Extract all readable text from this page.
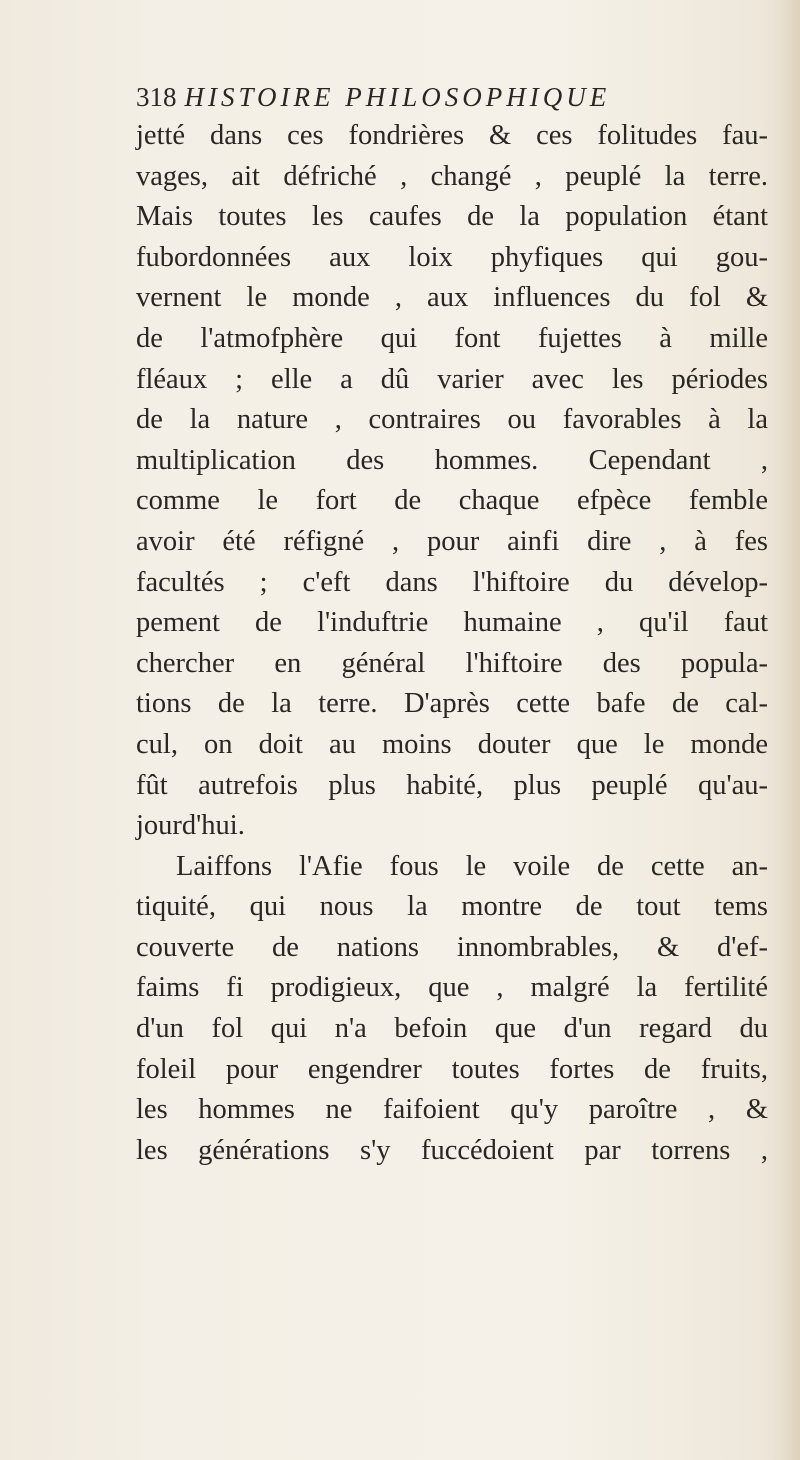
318 HISTOIRE PHILOSOPHIQUE
jetté dans ces fondrières & ces folitudes fau-
vages, ait défriché , changé , peuplé la terre.
Mais toutes les caufes de la population étant
fubordonnées aux loix phyfiques qui gou-
vernent le monde , aux influences du fol &
de l'atmofphère qui font fujettes à mille
fléaux ; elle a dû varier avec les périodes
de la nature , contraires ou favorables à la
multiplication des hommes. Cependant ,
comme le fort de chaque efpèce femble
avoir été réfigné , pour ainfi dire , à fes
facultés ; c'eft dans l'hiftoire du dévelop-
pement de l'induftrie humaine , qu'il faut
chercher en général l'hiftoire des popula-
tions de la terre. D'après cette bafe de cal-
cul, on doit au moins douter que le monde
fût autrefois plus habité, plus peuplé qu'au-
jourd'hui.
Laiffons l'Afie fous le voile de cette an-
tiquité, qui nous la montre de tout tems
couverte de nations innombrables, & d'ef-
faims fi prodigieux, que , malgré la fertilité
d'un fol qui n'a befoin que d'un regard du
foleil pour engendrer toutes fortes de fruits,
les hommes ne faifoient qu'y paroître , &
les générations s'y fuccédoient par torrens ,
